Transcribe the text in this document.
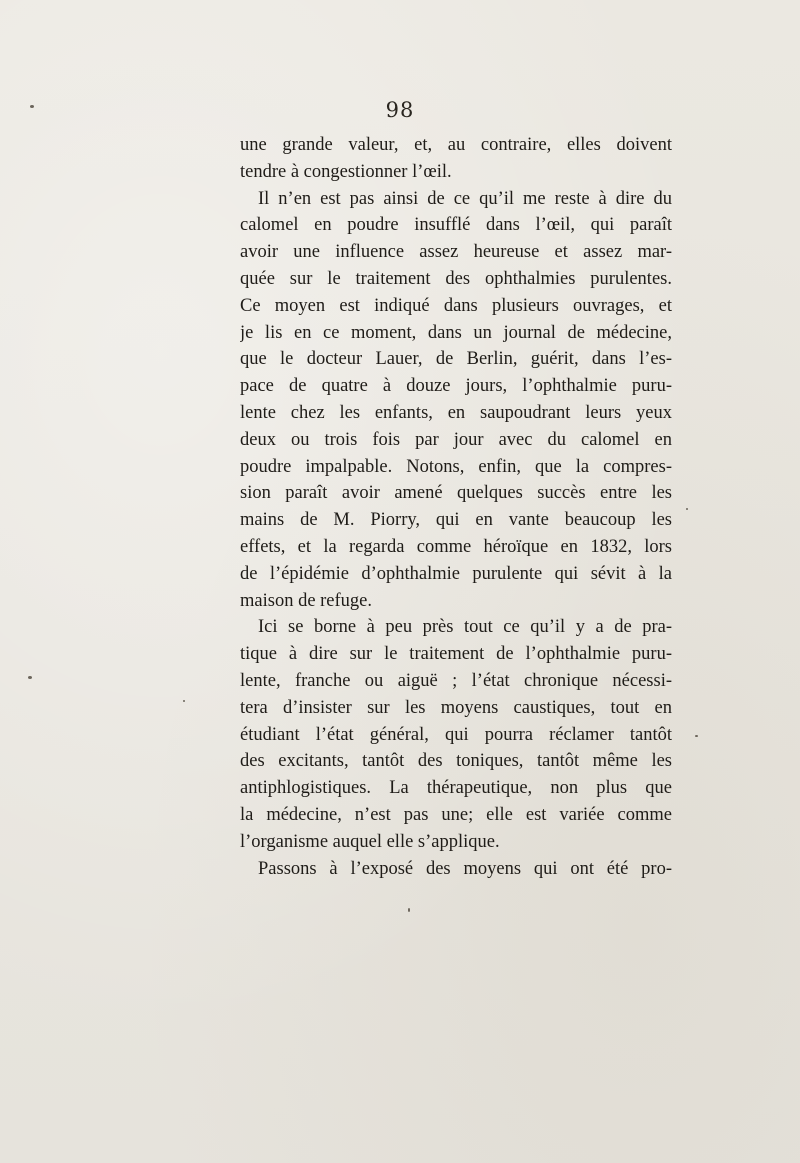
98
une grande valeur, et, au contraire, elles doivent
tendre à congestionner l’œil.
Il n’en est pas ainsi de ce qu’il me reste à dire du
calomel en poudre insufflé dans l’œil, qui paraît
avoir une influence assez heureuse et assez mar-
quée sur le traitement des ophthalmies purulentes.
Ce moyen est indiqué dans plusieurs ouvrages, et
je lis en ce moment, dans un journal de médecine,
que le docteur Lauer, de Berlin, guérit, dans l’es-
pace de quatre à douze jours, l’ophthalmie puru-
lente chez les enfants, en saupoudrant leurs yeux
deux ou trois fois par jour avec du calomel en
poudre impalpable. Notons, enfin, que la compres-
sion paraît avoir amené quelques succès entre les
mains de M. Piorry, qui en vante beaucoup les
effets, et la regarda comme héroïque en 1832, lors
de l’épidémie d’ophthalmie purulente qui sévit à la
maison de refuge.
Ici se borne à peu près tout ce qu’il y a de pra-
tique à dire sur le traitement de l’ophthalmie puru-
lente, franche ou aiguë ; l’état chronique nécessi-
tera d’insister sur les moyens caustiques, tout en
étudiant l’état général, qui pourra réclamer tantôt
des excitants, tantôt des toniques, tantôt même les
antiphlogistiques. La thérapeutique, non plus que
la médecine, n’est pas une; elle est variée comme
l’organisme auquel elle s’applique.
Passons à l’exposé des moyens qui ont été pro-
